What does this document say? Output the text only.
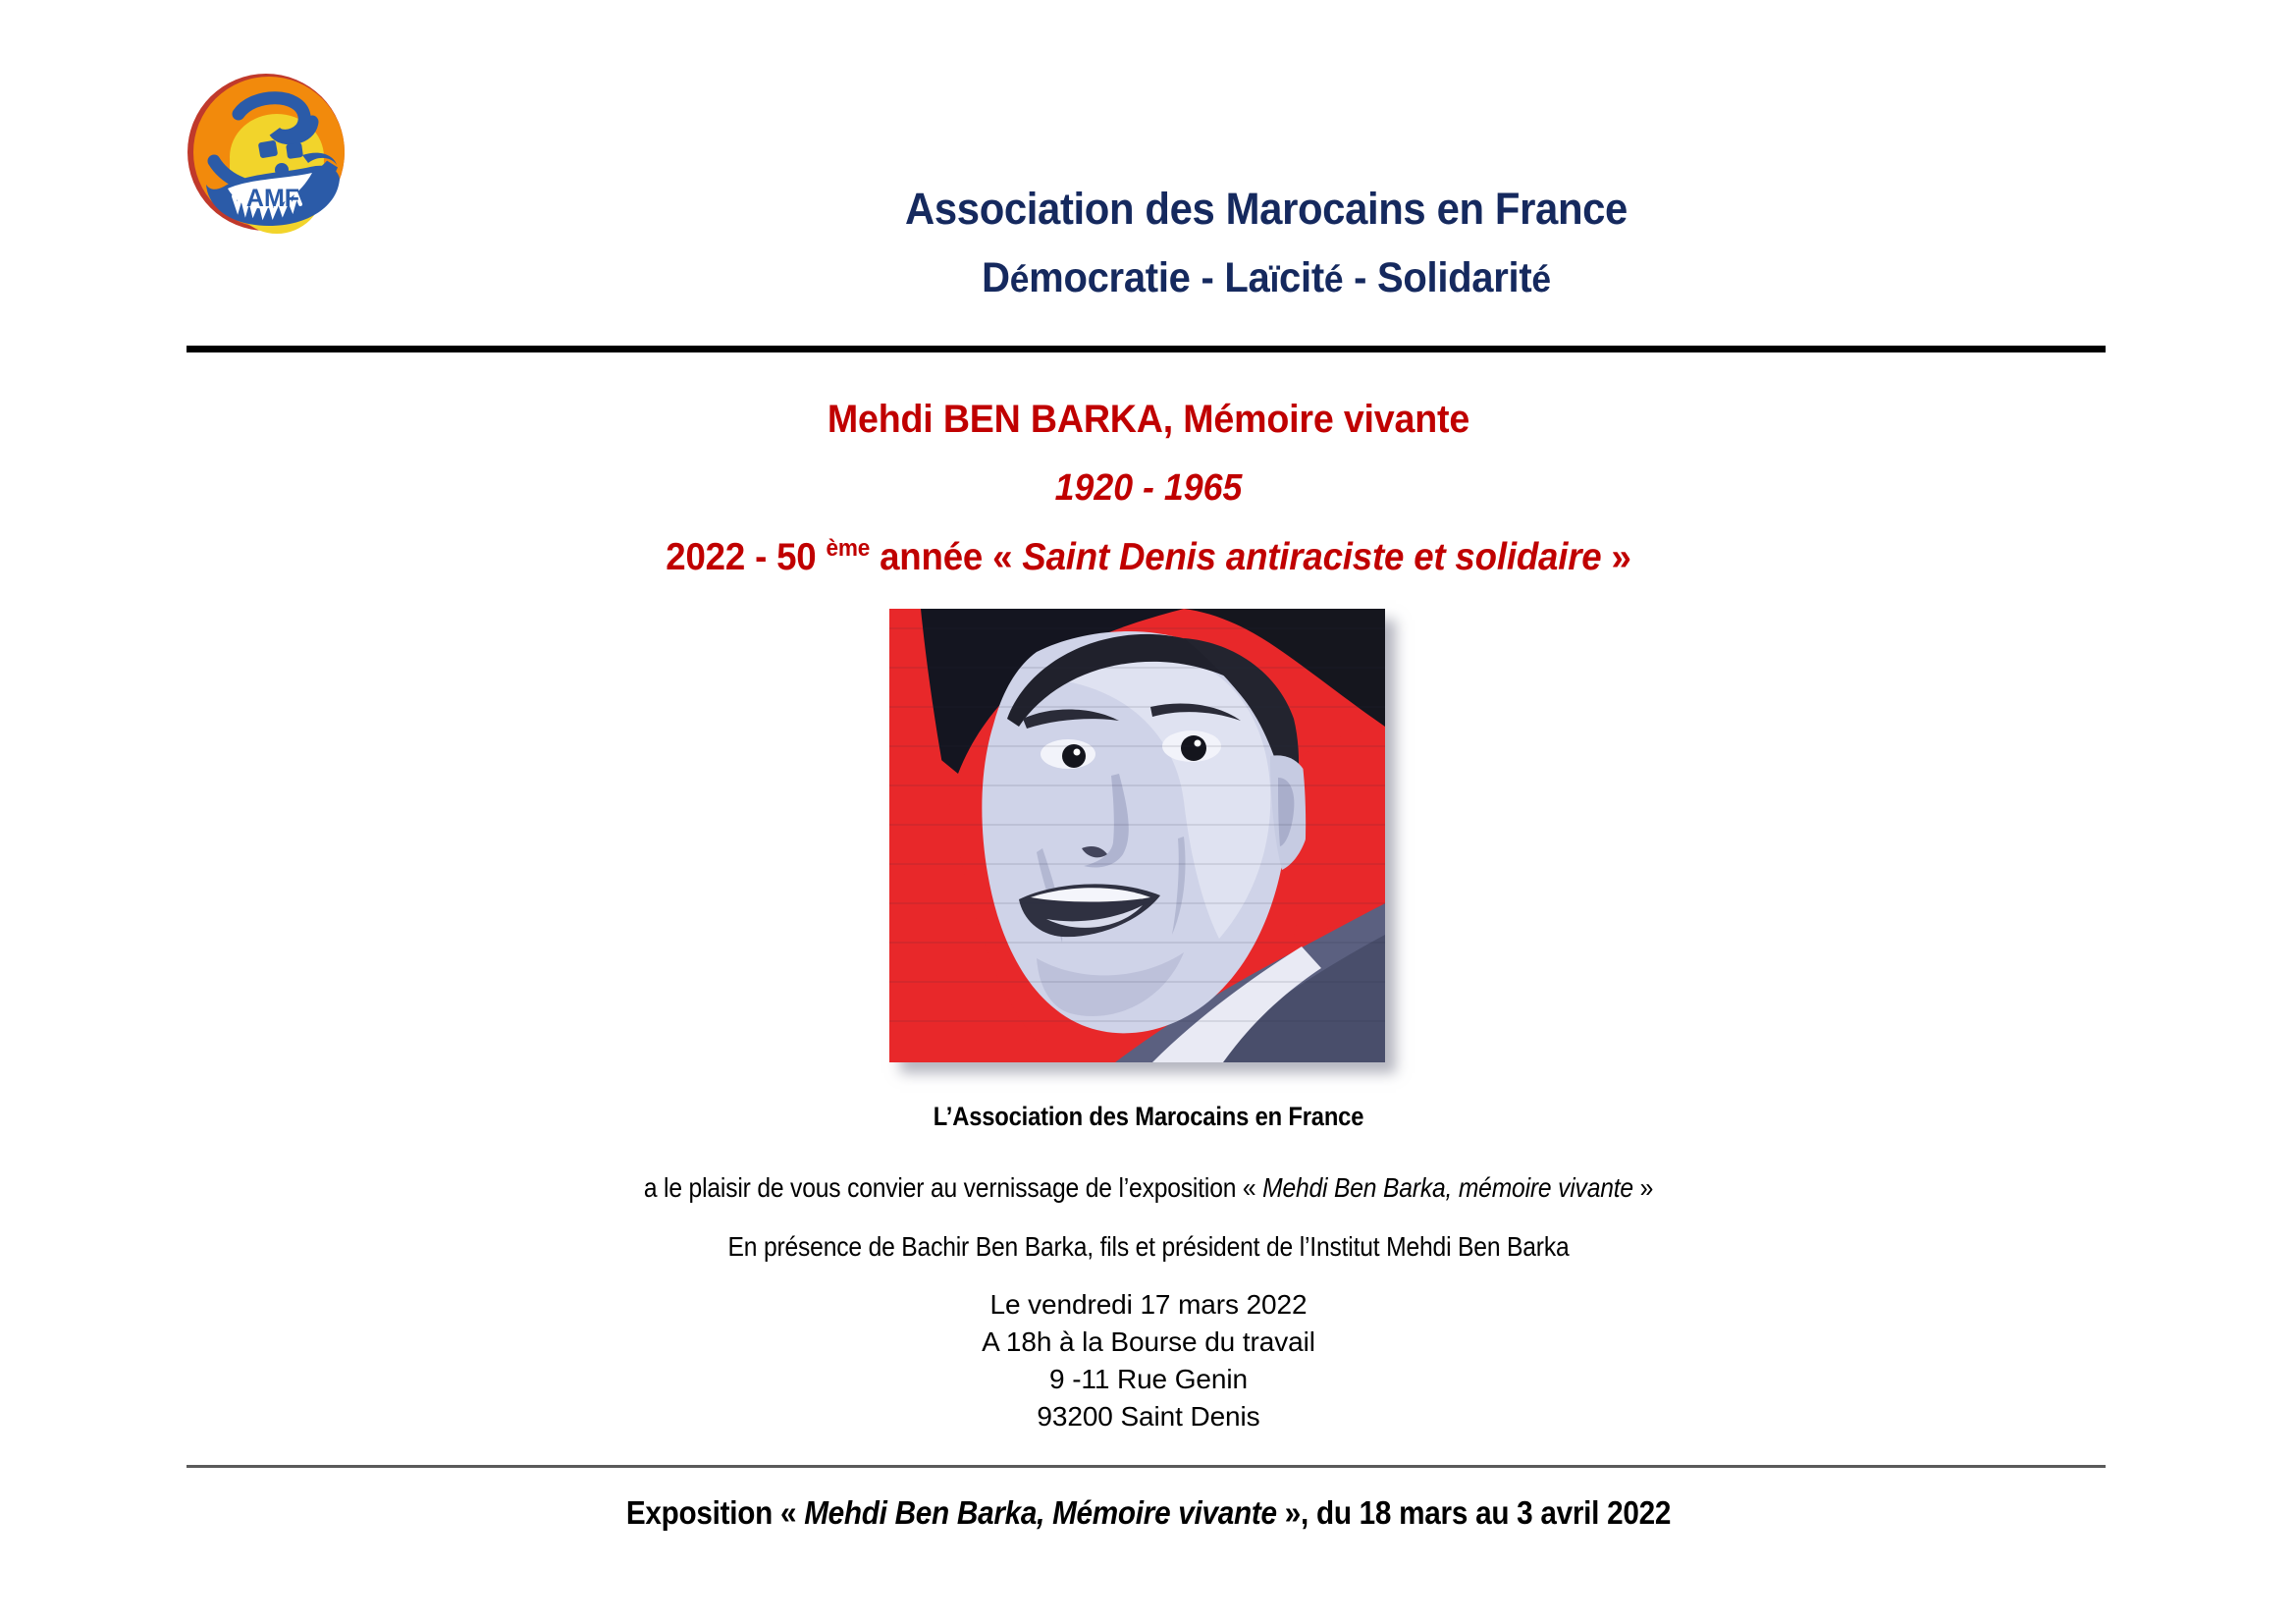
AMF	Association des Marocains en France
Démocratie - Laïcité - Solidarité
Mehdi BEN BARKA, Mémoire vivante
1920 - 1965
2022 - 50 $^{ème}$ année « Saint Denis antiraciste et solidaire »
L’Association des Marocains en France
a le plaisir de vous convier au vernissage de l’exposition « Mehdi Ben Barka, mémoire vivante »
En présence de Bachir Ben Barka, fils et président de l’Institut Mehdi Ben Barka
Le vendredi 17 mars 2022
A 18h à la Bourse du travail
9 -11 Rue Genin
93200 Saint Denis
Exposition « Mehdi Ben Barka, Mémoire vivante », du 18 mars au 3 avril 2022
